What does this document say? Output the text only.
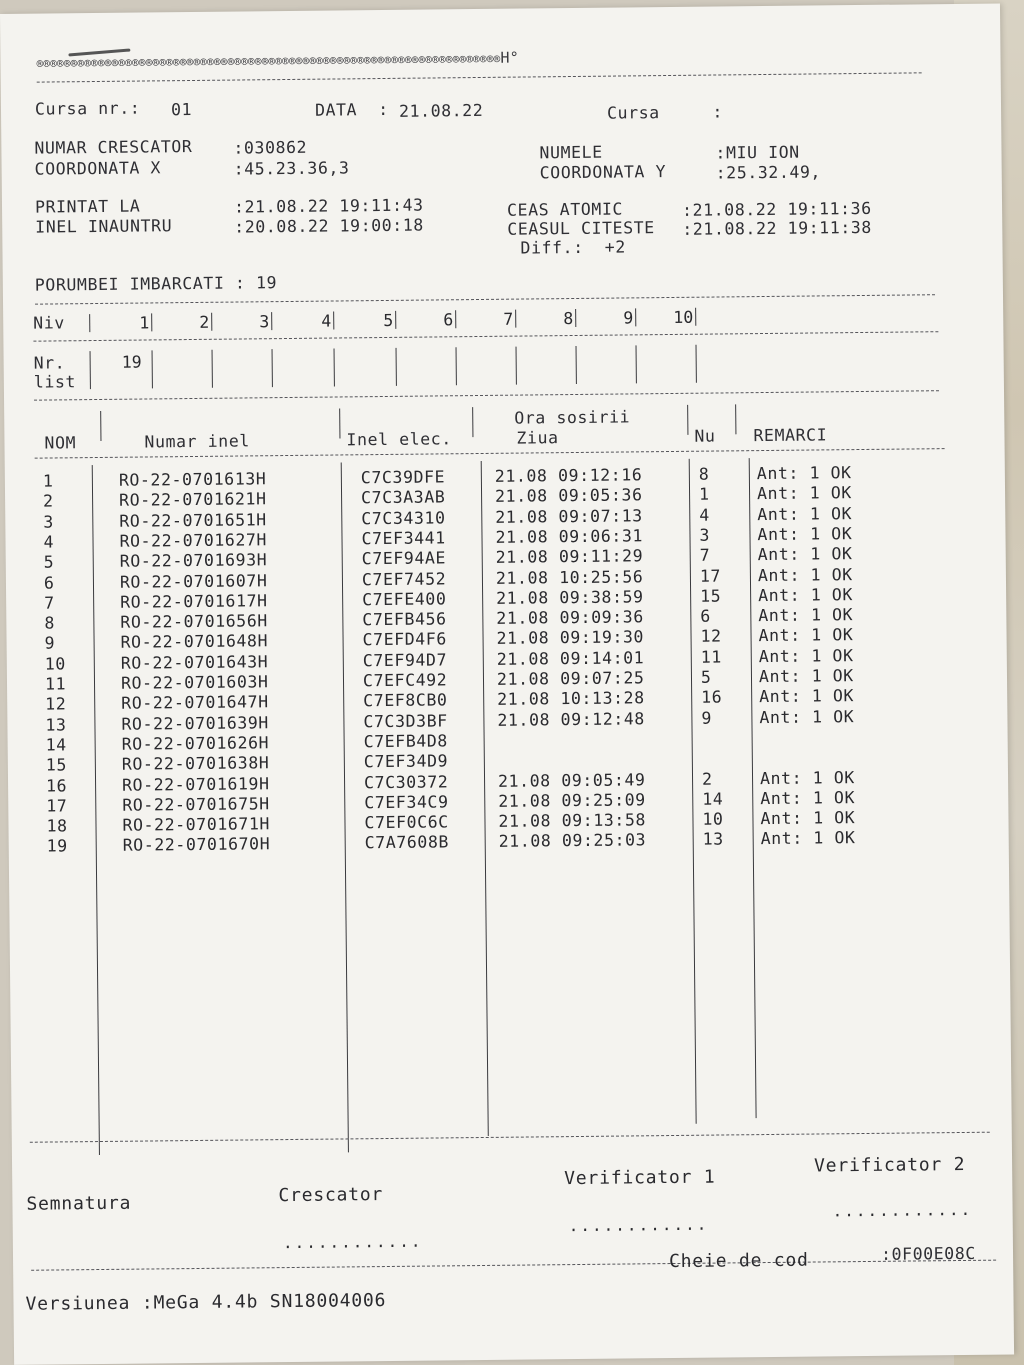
®®®®®®®®®®®®®®®®®®®®®®®®®®®®®®®®®®®®®®®®®®®®®®®®®®®®®®®®®®®®®®®®®®®®H°
Cursa nr.: 01	DATA  : 21.08.22	Cursa     :
NUMAR CRESCATOR :030862
COORDONATA X	:45.23.36,3
NUMELE	:MIU ION
COORDONATA Y	:25.32.49,
PRINTAT LA	:21.08.22 19:11:43
INEL INAUNTRU	:20.08.22 19:00:18
CEAS ATOMIC	:21.08.22 19:11:36
CEASUL CITESTE :21.08.22 19:11:38
Diff.:  +2
PORUMBEI IMBARCATI : 19
Niv	1	2	3	4	5	6	7	8	9	10
Nr.
list
19
NOM	Numar inel	Inel elec.
Ora sosirii
Ziua	Nu REMARCI
1	RO-22-0701613H	C7C39DFE	21.08 09:12:16	8	Ant: 1 OK
2	RO-22-0701621H	C7C3A3AB	21.08 09:05:36	1	Ant: 1 OK
3	RO-22-0701651H	C7C34310	21.08 09:07:13	4	Ant: 1 OK
4	RO-22-0701627H	C7EF3441	21.08 09:06:31	3	Ant: 1 OK
5	RO-22-0701693H	C7EF94AE	21.08 09:11:29	7	Ant: 1 OK
6	RO-22-0701607H	C7EF7452	21.08 10:25:56	17 Ant: 1 OK
7	RO-22-0701617H	C7EFE400	21.08 09:38:59	15 Ant: 1 OK
8	RO-22-0701656H	C7EFB456	21.08 09:09:36	6	Ant: 1 OK
9	RO-22-0701648H	C7EFD4F6	21.08 09:19:30	12 Ant: 1 OK
10	RO-22-0701643H	C7EF94D7	21.08 09:14:01	11 Ant: 1 OK
11	RO-22-0701603H	C7EFC492	21.08 09:07:25	5	Ant: 1 OK
12	RO-22-0701647H	C7EF8CB0	21.08 10:13:28	16 Ant: 1 OK
13	RO-22-0701639H	C7C3D3BF	21.08 09:12:48	9	Ant: 1 OK
14	RO-22-0701626H	C7EFB4D8
15	RO-22-0701638H	C7EF34D9
16	RO-22-0701619H	C7C30372	21.08 09:05:49	2	Ant: 1 OK
17	RO-22-0701675H	C7EF34C9	21.08 09:25:09	14 Ant: 1 OK
18	RO-22-0701671H	C7EF0C6C	21.08 09:13:58	10 Ant: 1 OK
19	RO-22-0701670H	C7A7608B	21.08 09:25:03	13 Ant: 1 OK
Semnatura	Crescator
Verificator 1
Verificator 2
............
............
............
Cheie de cod	:0F00E08C
Versiunea :MeGa 4.4b SN18004006
